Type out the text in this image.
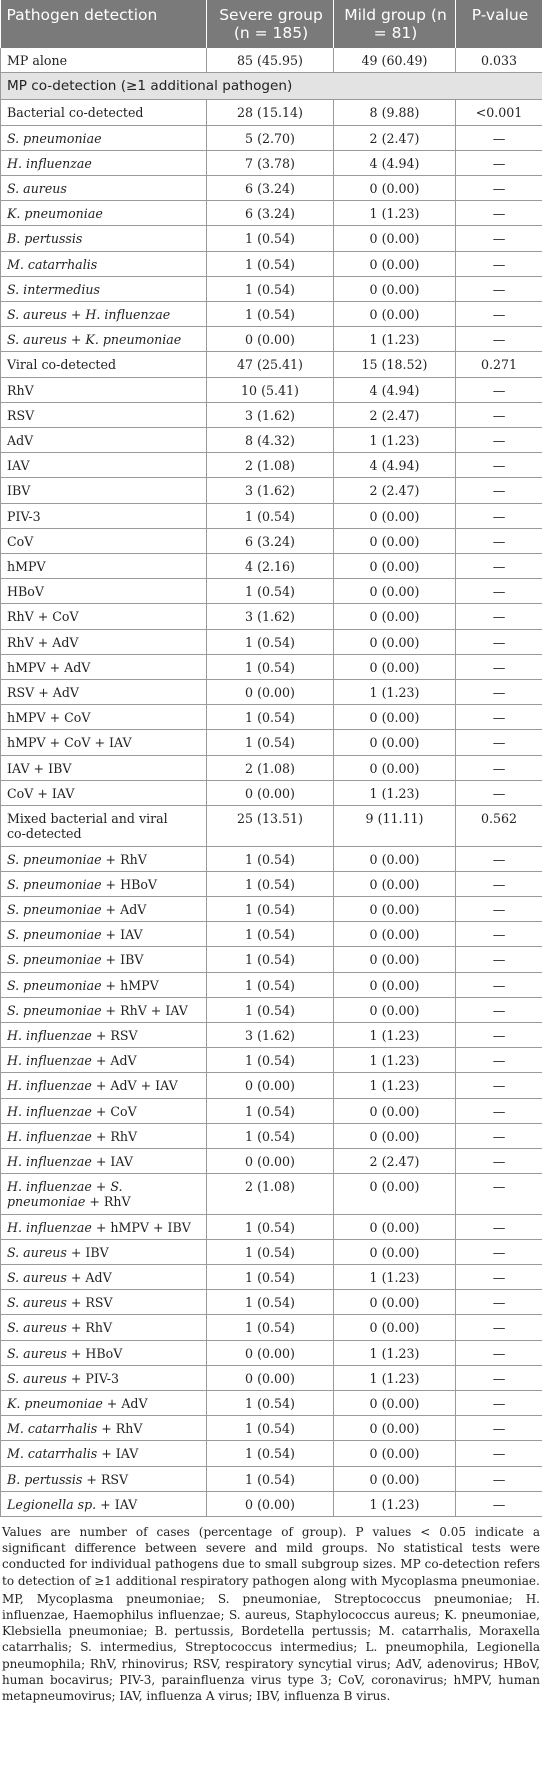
Pathogen detection	Severe group (n = 185)	Mild group (n = 81)	P-value
MP alone	85 (45.95)	49 (60.49)	0.033
MP co-detection (≥1 additional pathogen)			
Bacterial co-detected	28 (15.14)	8 (9.88)	<0.001
S. pneumoniae	5 (2.70)	2 (2.47)	—
H. influenzae	7 (3.78)	4 (4.94)	—
S. aureus	6 (3.24)	0 (0.00)	—
K. pneumoniae	6 (3.24)	1 (1.23)	—
B. pertussis	1 (0.54)	0 (0.00)	—
M. catarrhalis	1 (0.54)	0 (0.00)	—
S. intermedius	1 (0.54)	0 (0.00)	—
S. aureus + H. influenzae	1 (0.54)	0 (0.00)	—
S. aureus + K. pneumoniae	0 (0.00)	1 (1.23)	—
Viral co-detected	47 (25.41)	15 (18.52)	0.271
RhV	10 (5.41)	4 (4.94)	—
RSV	3 (1.62)	2 (2.47)	—
AdV	8 (4.32)	1 (1.23)	—
IAV	2 (1.08)	4 (4.94)	—
IBV	3 (1.62)	2 (2.47)	—
PIV-3	1 (0.54)	0 (0.00)	—
CoV	6 (3.24)	0 (0.00)	—
hMPV	4 (2.16)	0 (0.00)	—
HBoV	1 (0.54)	0 (0.00)	—
RhV + CoV	3 (1.62)	0 (0.00)	—
RhV + AdV	1 (0.54)	0 (0.00)	—
hMPV + AdV	1 (0.54)	0 (0.00)	—
RSV + AdV	0 (0.00)	1 (1.23)	—
hMPV + CoV	1 (0.54)	0 (0.00)	—
hMPV + CoV + IAV	1 (0.54)	0 (0.00)	—
IAV + IBV	2 (1.08)	0 (0.00)	—
CoV + IAV	0 (0.00)	1 (1.23)	—
Mixed bacterial and viral
co-detected	25 (13.51)	9 (11.11)	0.562
S. pneumoniae + RhV	1 (0.54)	0 (0.00)	—
S. pneumoniae + HBoV	1 (0.54)	0 (0.00)	—
S. pneumoniae + AdV	1 (0.54)	0 (0.00)	—
S. pneumoniae + IAV	1 (0.54)	0 (0.00)	—
S. pneumoniae + IBV	1 (0.54)	0 (0.00)	—
S. pneumoniae + hMPV	1 (0.54)	0 (0.00)	—
S. pneumoniae + RhV + IAV	1 (0.54)	0 (0.00)	—
H. influenzae + RSV	3 (1.62)	1 (1.23)	—
H. influenzae + AdV	1 (0.54)	1 (1.23)	—
H. influenzae + AdV + IAV	0 (0.00)	1 (1.23)	—
H. influenzae + CoV	1 (0.54)	0 (0.00)	—
H. influenzae + RhV	1 (0.54)	0 (0.00)	—
H. influenzae + IAV	0 (0.00)	2 (2.47)	—
H. influenzae + S.
pneumoniae + RhV	2 (1.08)	0 (0.00)	—
H. influenzae + hMPV + IBV	1 (0.54)	0 (0.00)	—
S. aureus + IBV	1 (0.54)	0 (0.00)	—
S. aureus + AdV	1 (0.54)	1 (1.23)	—
S. aureus + RSV	1 (0.54)	0 (0.00)	—
S. aureus + RhV	1 (0.54)	0 (0.00)	—
S. aureus + HBoV	0 (0.00)	1 (1.23)	—
S. aureus + PIV-3	0 (0.00)	1 (1.23)	—
K. pneumoniae + AdV	1 (0.54)	0 (0.00)	—
M. catarrhalis + RhV	1 (0.54)	0 (0.00)	—
M. catarrhalis + IAV	1 (0.54)	0 (0.00)	—
B. pertussis + RSV	1 (0.54)	0 (0.00)	—
Legionella sp. + IAV	0 (0.00)	1 (1.23)	—

Values are number of cases (percentage of group). P values < 0.05 indicate a significant difference between severe and mild groups. No statistical tests were conducted for individual pathogens due to small subgroup sizes. MP co-detection refers to detection of ≥1 additional respiratory pathogen along with Mycoplasma pneumoniae.

MP, Mycoplasma pneumoniae; S. pneumoniae, Streptococcus pneumoniae; H. influenzae, Haemophilus influenzae; S. aureus, Staphylococcus aureus; K. pneumoniae, Klebsiella pneumoniae; B. pertussis, Bordetella pertussis; M. catarrhalis, Moraxella catarrhalis; S. intermedius, Streptococcus intermedius; L. pneumophila, Legionella pneumophila; RhV, rhinovirus; RSV, respiratory syncytial virus; AdV, adenovirus; HBoV, human bocavirus; PIV-3, parainfluenza virus type 3; CoV, coronavirus; hMPV, human metapneumovirus; IAV, influenza A virus; IBV, influenza B virus.
